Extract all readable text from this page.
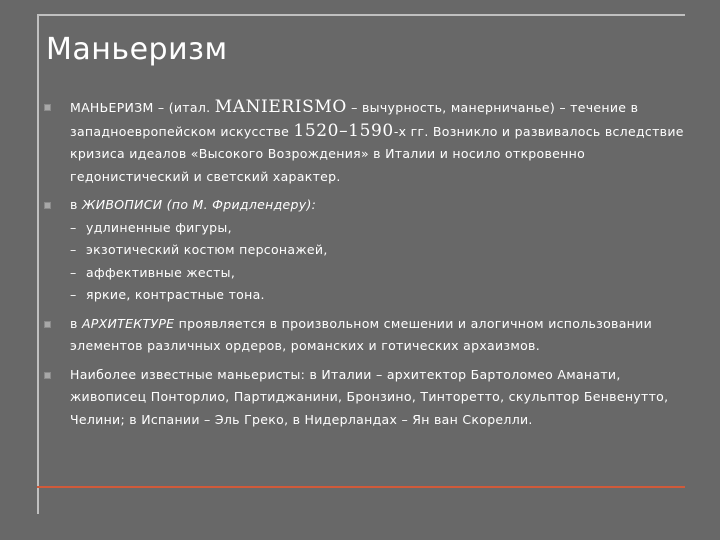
Маньеризм
МАНЬЕРИЗМ – (итал. MANIERISMO – вычурность, манерничанье) – течение в западноевропейском искусстве 1520–1590-х гг. Возникло и развивалось вследствие кризиса идеалов «Высокого Возрождения» в Италии и носило откровенно гедонистический и светский характер.
в ЖИВОПИСИ (по М. Фридлендеру):
– удлиненные фигуры,
– экзотический костюм персонажей,
– аффективные жесты,
– яркие, контрастные тона.
в АРХИТЕКТУРЕ проявляется в произвольном смешении и алогичном использовании элементов различных ордеров, романских и готических архаизмов.
Наиболее известные маньеристы: в Италии – архитектор Бартоломео Аманати, живописец Понторлио, Партиджанини, Бронзино, Тинторетто, скульптор Бенвенутто, Челини; в Испании – Эль Греко, в Нидерландах – Ян ван Скорелли.
